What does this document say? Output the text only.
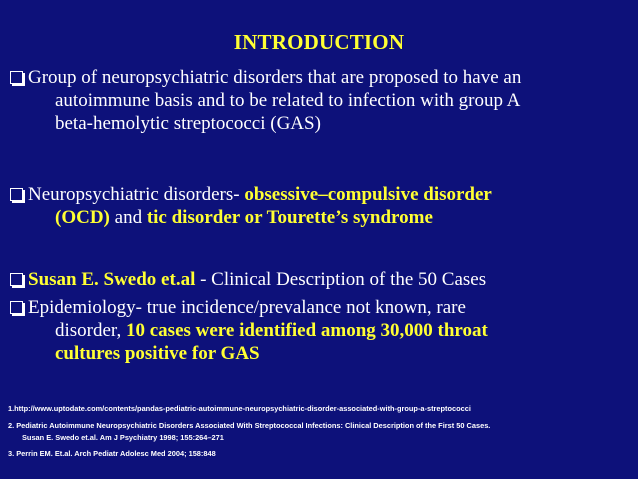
INTRODUCTION
Group of neuropsychiatric disorders that are proposed to have an
autoimmune basis and to be related to infection with group A
beta-hemolytic streptococci (GAS)
Neuropsychiatric disorders- obsessive–compulsive disorder
(OCD) and tic disorder or Tourette’s syndrome
Susan E. Swedo et.al - Clinical Description of the 50 Cases
Epidemiology- true incidence/prevalance not known, rare
disorder, 10 cases were identified among 30,000 throat
cultures positive for GAS
1.http://www.uptodate.com/contents/pandas-pediatric-autoimmune-neuropsychiatric-disorder-associated-with-group-a-streptococci
2. Pediatric Autoimmune Neuropsychiatric Disorders Associated With Streptococcal Infections: Clinical Description of the First 50 Cases.
Susan E. Swedo et.al. Am J Psychiatry 1998; 155:264–271
3. Perrin EM. Et.al. Arch Pediatr Adolesc Med 2004; 158:848
